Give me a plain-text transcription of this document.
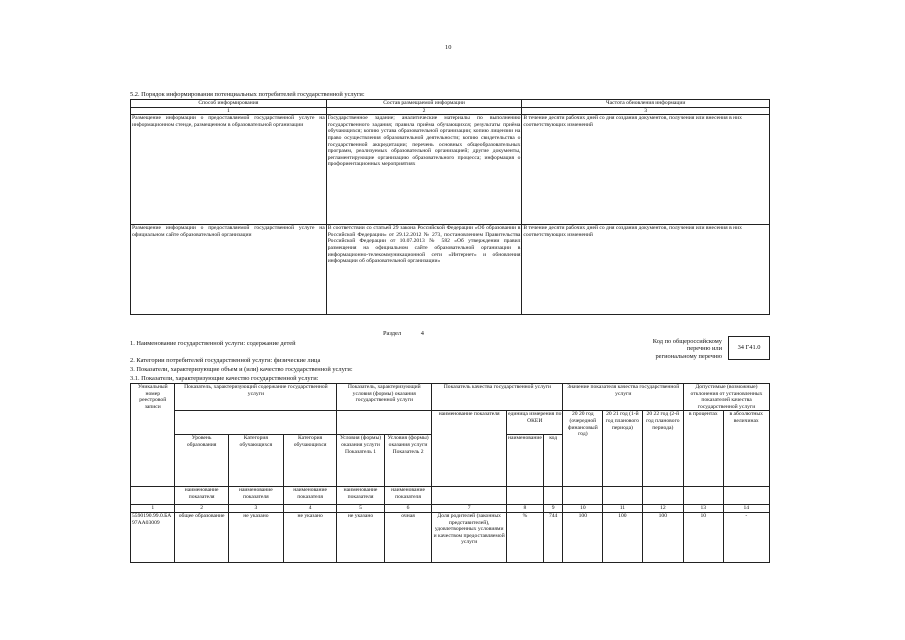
10
5.2. Порядок информирования потенциальных потребителей государственной услуги:
Способ информирования	Состав размещаемой информации	Частота обновления информации
1	2	3
Размещение информации о предоставляемой государственной услуге на информационном стенде, размещенном в образовательной организации	Государственное задание; аналитические материалы по выполнению государственного задания; правила приёма обучающихся; результаты приёма обучающихся; копию устава образовательной организации; копию лицензии на право осуществления образовательной деятельности; копию свидетельства о государственной аккредитации; перечень основных общеобразовательных программ, реализуемых образовательной организацией; другие документы, регламентирующие организацию образовательного процесса; информация о профориентационных мероприятиях	В течение десяти рабочих дней со дня создания документов, получения или внесения в них соответствующих изменений
Размещение информации о предоставляемой государственной услуге на официальном сайте образовательной организации	В соответствии со статьей 29 закона Российской Федерации «Об образовании в Российской Федерации» от 29.12.2012 № 273, постановлением Правительства Российской Федерации от 10.07.2013 № 582 «Об утверждении правил размещения на официальном сайте образовательной организации в информационно-телекоммуникационной сети «Интернет» и обновления информации об образовательной организации»	В течение десяти рабочих дней со дня создания документов, получения или внесения в них соответствующих изменений
Раздел	4
1. Наименование государственной услуги: содержание детей	Код по общероссийскому
перечню или
региональному перечню
34 Г41.0
2. Категории потребителей государственной услуги: физические лица
3. Показатели, характеризующие объем и (или) качество государственной услуги:
3.1. Показатели, характеризующие качество государственной услуги:
Уникальный номер реестровой записи	Показатель, характеризующий содержание государственной услуги			Показатель, характеризующий условия (формы) оказания государственной услуги		Показатель качества государственной услуги			Значение показателя качества государственной услуги			Допустимые (возможные) отклонения от установленных показателей качества государственной услуги	
						наименование показателя	единица измерения по ОКЕИ		20 20 год (очередной финансовый год)	20 21 год (1-й год планового периода)	20 22 год (2-й год планового периода)	в процентах	в абсолютных величинах
							наименование	код					
	Уровень образования	Категория обучающихся	Категория обучающихся	Условия (формы) оказания услуги Показатель 1	Условия (формы) оказания услуги Показатель 2								
	наименование показателя	наименование показателя	наименование показателя	наименование показателя	наименование показателя								
1	2	3	4	5	6	7	8	9	10	11	12	13	14
5590190.99.0.БА97АА03009	общее образование	не указано	не указано	не указано	очная	Доля родителей (законных представителей), удовлетворенных условиями и качеством предоставляемой услуги	%	744	100	100	100	10	-
